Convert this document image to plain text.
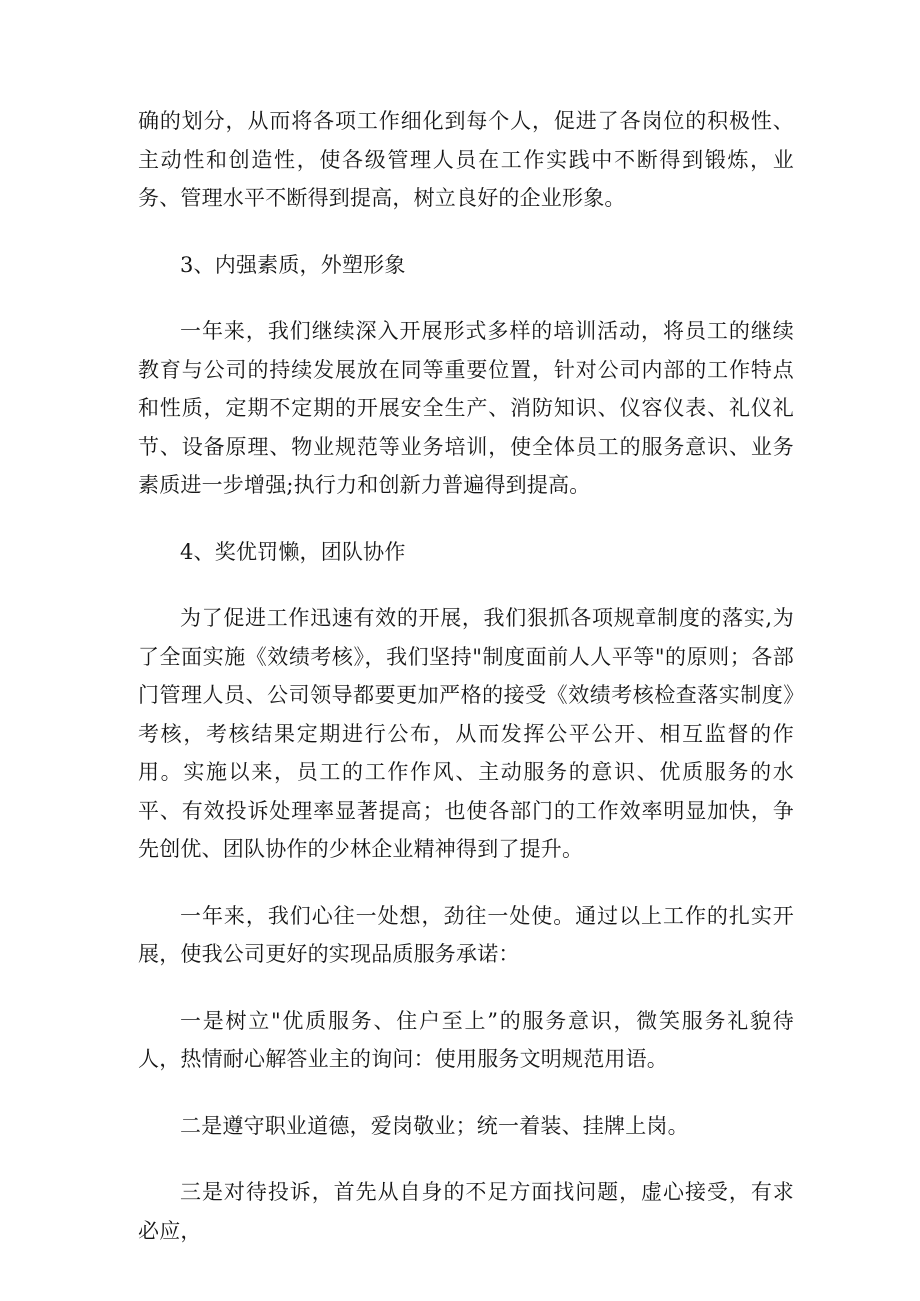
确的划分，从而将各项工作细化到每个人，促进了各岗位的积极性、主动性和创造性，使各级管理人员在工作实践中不断得到锻炼，业务、管理水平不断得到提高，树立良好的企业形象。

3、内强素质，外塑形象

一年来，我们继续深入开展形式多样的培训活动，将员工的继续教育与公司的持续发展放在同等重要位置，针对公司内部的工作特点和性质，定期不定期的开展安全生产、消防知识、仪容仪表、礼仪礼节、设备原理、物业规范等业务培训，使全体员工的服务意识、业务素质进一步增强;执行力和创新力普遍得到提高。

4、奖优罚懒，团队协作

为了促进工作迅速有效的开展，我们狠抓各项规章制度的落实,为了全面实施《效绩考核》，我们坚持"制度面前人人平等"的原则；各部门管理人员、公司领导都要更加严格的接受《效绩考核检查落实制度》考核，考核结果定期进行公布，从而发挥公平公开、相互监督的作用。实施以来，员工的工作作风、主动服务的意识、优质服务的水平、有效投诉处理率显著提高；也使各部门的工作效率明显加快，争先创优、团队协作的少林企业精神得到了提升。

一年来，我们心往一处想，劲往一处使。通过以上工作的扎实开展，使我公司更好的实现品质服务承诺：

一是树立"优质服务、住户至上”的服务意识，微笑服务礼貌待人，热情耐心解答业主的询问：使用服务文明规范用语。

二是遵守职业道德，爱岗敬业；统一着装、挂牌上岗。

三是对待投诉，首先从自身的不足方面找问题，虚心接受，有求必应，
